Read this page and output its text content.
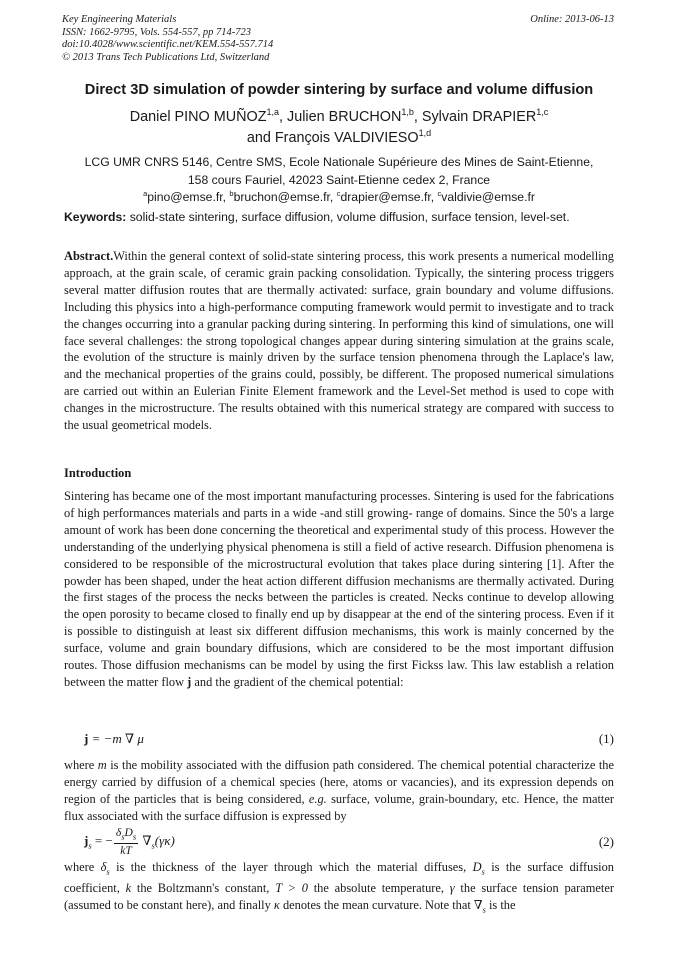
Key Engineering Materials
ISSN: 1662-9795, Vols. 554-557, pp 714-723
doi:10.4028/www.scientific.net/KEM.554-557.714
© 2013 Trans Tech Publications Ltd, Switzerland
Online: 2013-06-13
Direct 3D simulation of powder sintering by surface and volume diffusion
Daniel PINO MUÑOZ$^{1,a}$, Julien BRUCHON$^{1,b}$, Sylvain DRAPIER$^{1,c}$
and François VALDIVIESO$^{1,d}$
LCG UMR CNRS 5146, Centre SMS, Ecole Nationale Supérieure des Mines de Saint-Etienne,
158 cours Fauriel, 42023 Saint-Etienne cedex 2, France
$^a$pino@emse.fr, $^b$bruchon@emse.fr, $^c$drapier@emse.fr, $^c$valdivie@emse.fr
Keywords: solid-state sintering, surface diffusion, volume diffusion, surface tension, level-set.
Abstract.Within the general context of solid-state sintering process, this work presents a numerical modelling approach, at the grain scale, of ceramic grain packing consolidation. Typically, the sintering process triggers several matter diffusion routes that are thermally activated: surface, grain boundary and volume diffusions. Including this physics into a high-performance computing framework would permit to investigate and to track the changes occurring into a granular packing during sintering. In performing this kind of simulations, one will face several challenges: the strong topological changes appear during sintering simulation at the grains scale, the evolution of the structure is mainly driven by the surface tension phenomena through the Laplace's law, and the mechanical properties of the grains could, possibly, be different. The proposed numerical simulations are carried out within an Eulerian Finite Element framework and the Level-Set method is used to cope with changes in the microstructure. The results obtained with this numerical strategy are compared with success to the usual geometrical models.
Introduction
Sintering has became one of the most important manufacturing processes. Sintering is used for the fabrications of high performances materials and parts in a wide -and still growing- range of domains. Since the 50's a large amount of work has been done concerning the theoretical and experimental study of this process. However the understanding of the underlying physical phenomena is still a field of active research. Diffusion phenomena is considered to be responsible of the microstructural evolution that takes place during sintering [1]. After the powder has been shaped, under the heat action different diffusion mechanisms are thermally activated. During the first stages of the process the necks between the particles is created. Necks continue to develop allowing the open porosity to became closed to finally end up by disappear at the end of the sintering process. Even if it is possible to distinguish at least six different diffusion mechanisms, this work is mainly concerned by the surface, volume and grain boundary diffusions, which are considered to be the most important diffusion routes. Those diffusion mechanisms can be model by using the first Fickss law. This law establish a relation between the matter flow j and the gradient of the chemical potential:
j = −m ∇ μ	(1)
where m is the mobility associated with the diffusion path considered. The chemical potential characterize the energy carried by diffusion of a chemical species (here, atoms or vacancies), and its expression depends on region of the particles that is being considered, e.g. surface, volume, grain-boundary, etc. Hence, the matter flux associated with the surface diffusion is expressed by
$j_s$ = − $\frac{\delta_sD_s}{kT} \nabla_s(\gamma\kappa)$	(2)
where $\delta_s$ is the thickness of the layer through which the material diffuses, $D_s$ is the surface diffusion coefficient, k the Boltzmann's constant, T > 0 the absolute temperature, γ the surface tension parameter (assumed to be constant here), and finally κ denotes the mean curvature. Note that $\nabla_s$ is the
